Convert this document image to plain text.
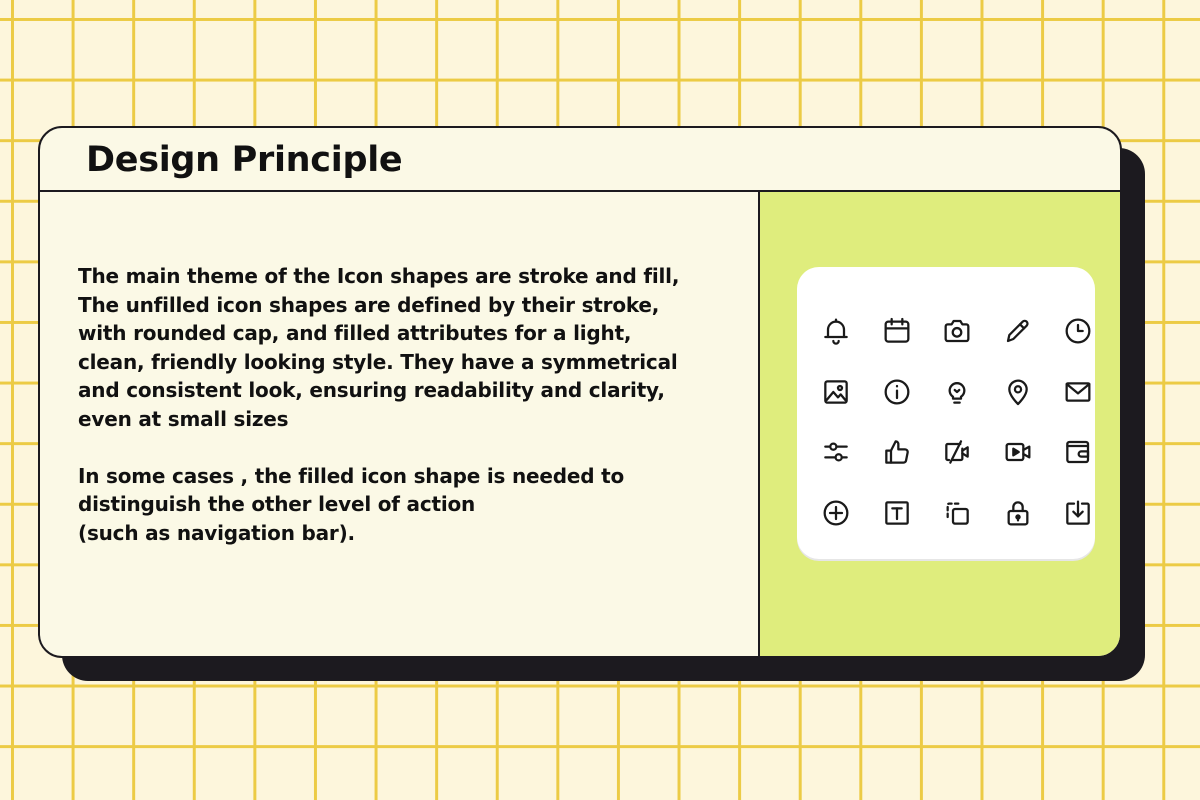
Design Principle

The main theme of the Icon shapes are stroke and fill,
The unfilled icon shapes are defined by their stroke,
with rounded cap, and filled attributes for a light,
clean, friendly looking style. They have a symmetrical
and consistent look, ensuring readability and clarity,
even at small sizes
In some cases , the filled icon shape is needed to
distinguish the other level of action
(such as navigation bar).
